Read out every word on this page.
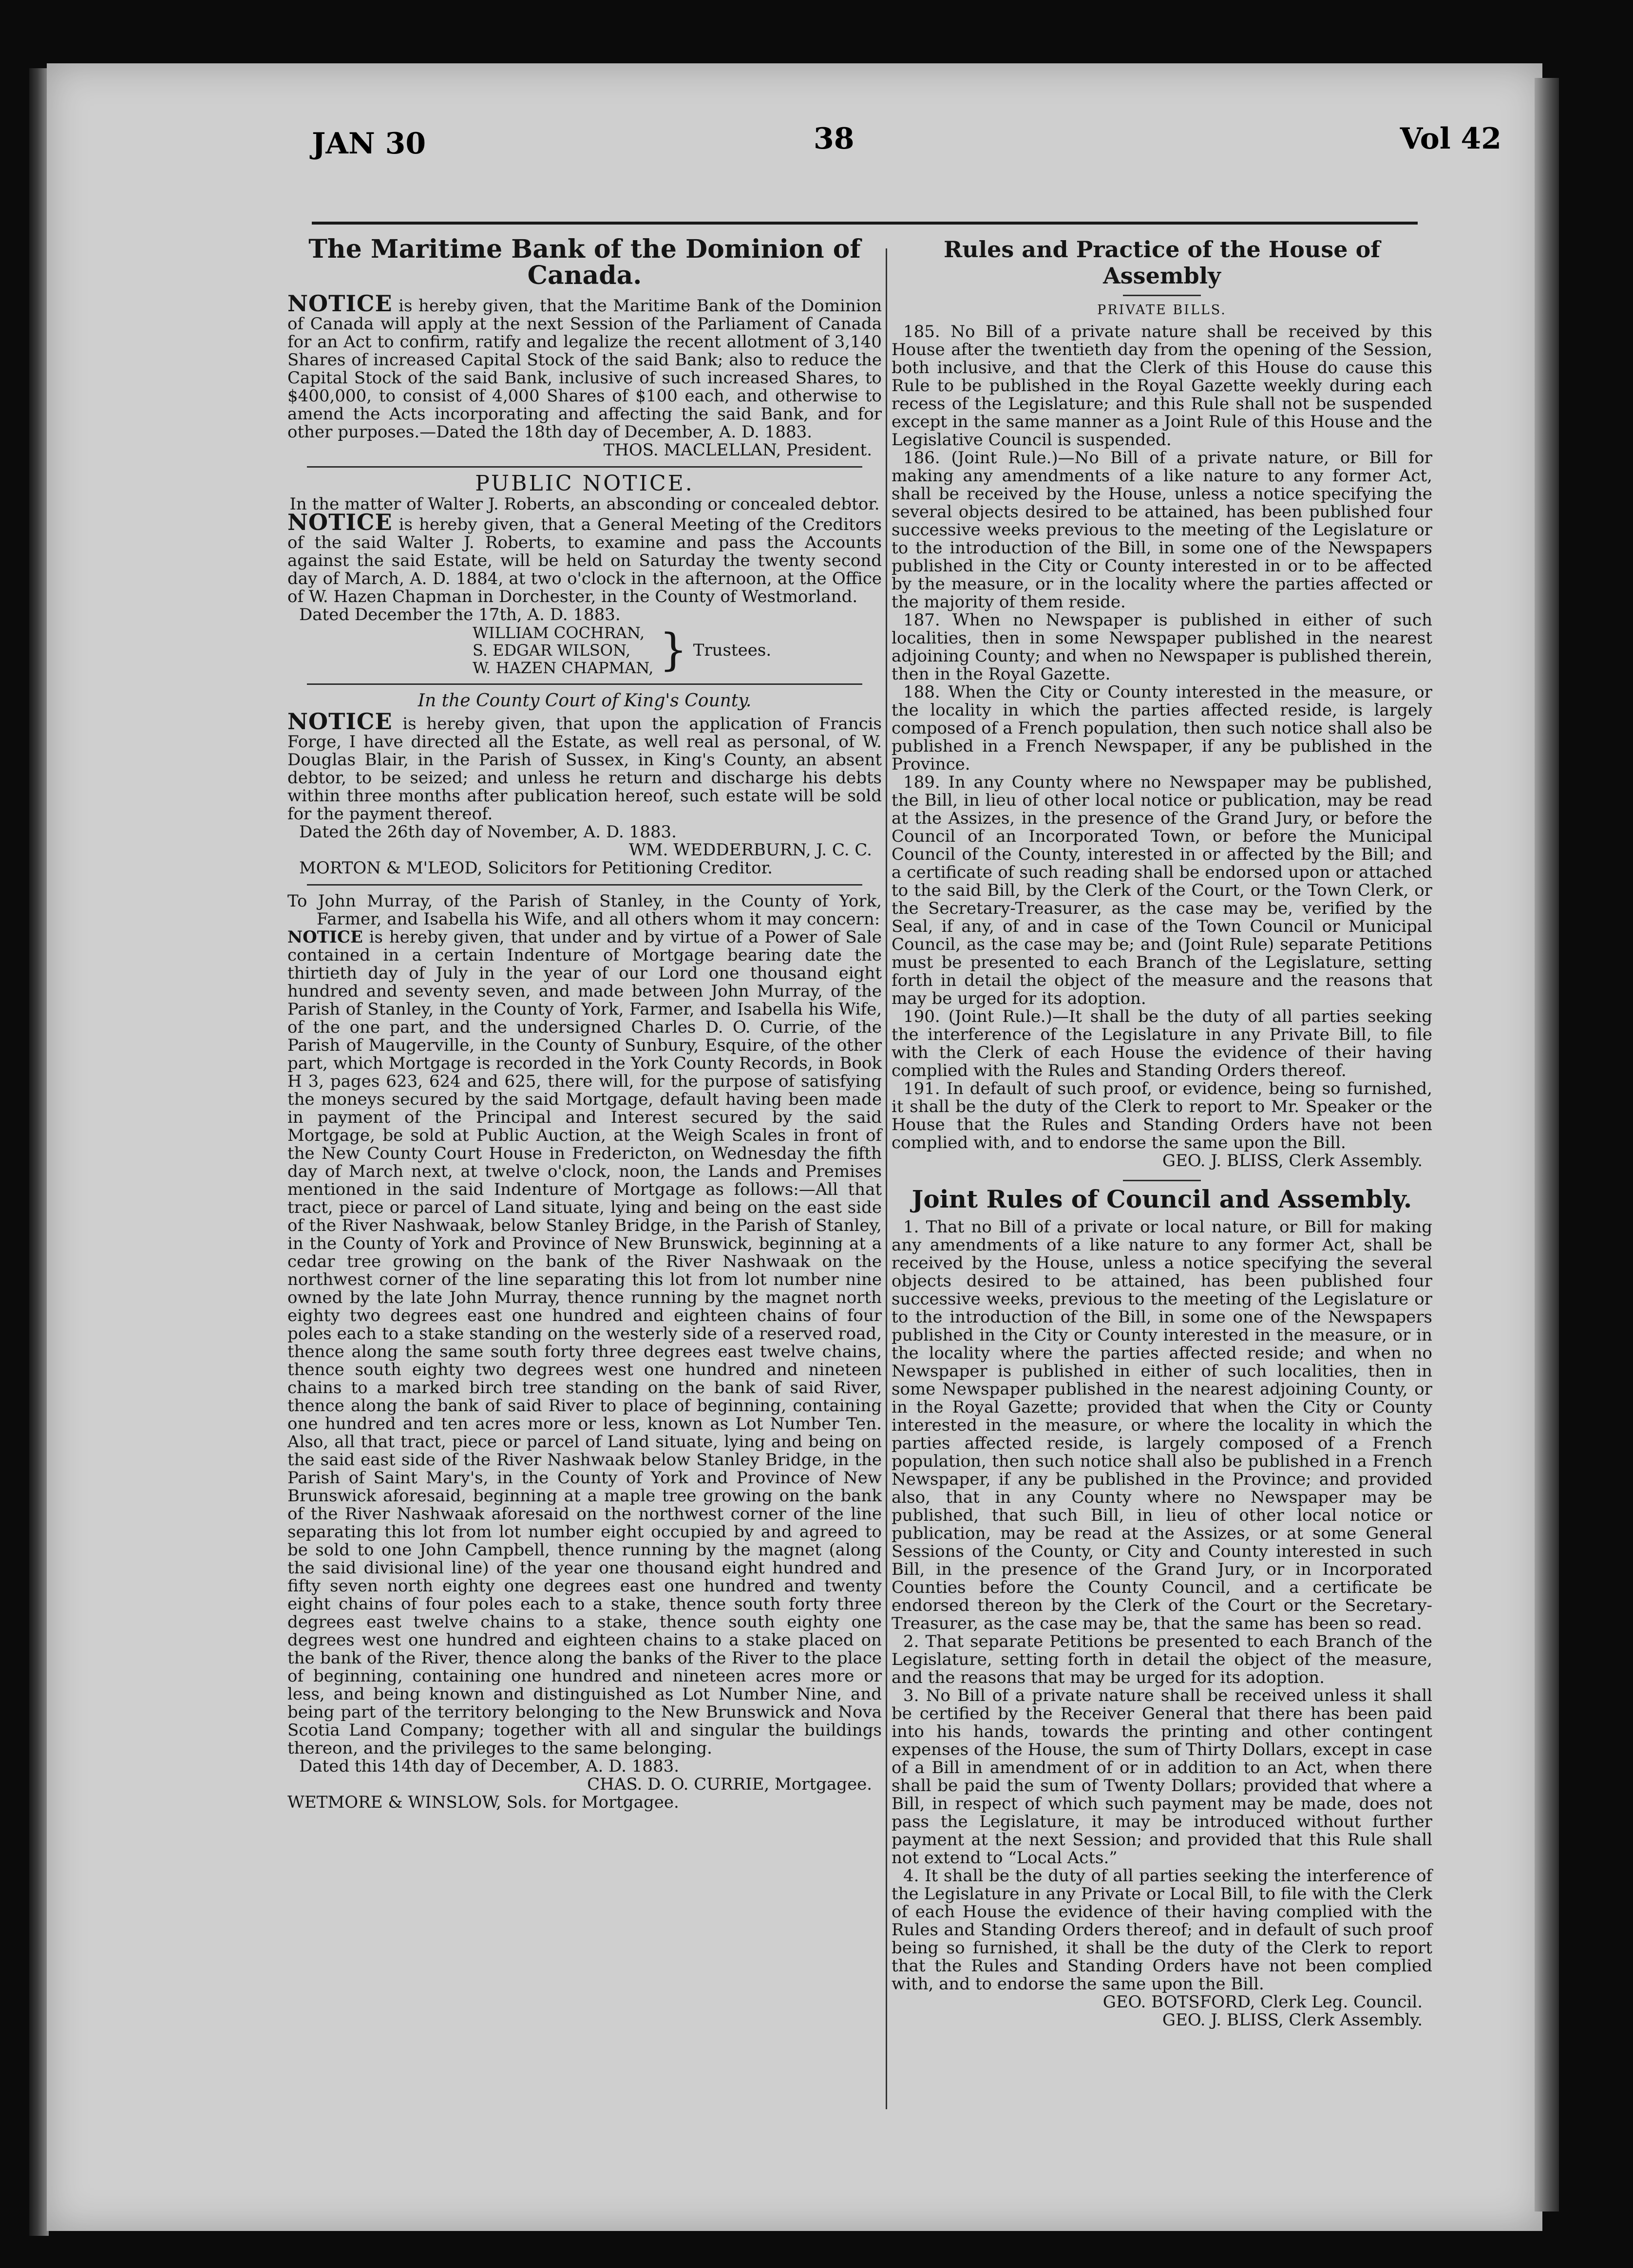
JAN 30	38	Vol 42
The Maritime Bank of the Dominion of Canada.

NOTICE is hereby given, that the Maritime Bank of the Dominion of Canada will apply at the next Session of the Parliament of Canada for an Act to confirm, ratify and legalize the recent allotment of 3,140 Shares of increased Capital Stock of the said Bank; also to reduce the Capital Stock of the said Bank, inclusive of such increased Shares, to $400,000, to consist of 4,000 Shares of $100 each, and otherwise to amend the Acts incorporating and affecting the said Bank, and for other purposes.—Dated the 18th day of December, A. D. 1883.

THOS. MACLELLAN, President.
PUBLIC NOTICE.
In the matter of Walter J. Roberts, an absconding or concealed debtor.

NOTICE is hereby given, that a General Meeting of the Creditors of the said Walter J. Roberts, to examine and pass the Accounts against the said Estate, will be held on Saturday the twenty second day of March, A. D. 1884, at two o'clock in the afternoon, at the Office of W. Hazen Chapman in Dorchester, in the County of Westmorland.

Dated December the 17th, A. D. 1883.

WILLIAM COCHRAN,
S. EDGAR WILSON,
W. HAZEN CHAPMAN, } Trustees.
In the County Court of King's County.

NOTICE is hereby given, that upon the application of Francis Forge, I have directed all the Estate, as well real as personal, of W. Douglas Blair, in the Parish of Sussex, in King's County, an absent debtor, to be seized; and unless he return and discharge his debts within three months after publication hereof, such estate will be sold for the payment thereof.

Dated the 26th day of November, A. D. 1883.

WM. WEDDERBURN, J. C. C.

MORTON & M'LEOD, Solicitors for Petitioning Creditor.

To John Murray, of the Parish of Stanley, in the County of York, Farmer, and Isabella his Wife, and all others whom it may concern:

NOTICE is hereby given, that under and by virtue of a Power of Sale contained in a certain Indenture of Mortgage bearing date the thirtieth day of July in the year of our Lord one thousand eight hundred and seventy seven, and made between John Murray, of the Parish of Stanley, in the County of York, Farmer, and Isabella his Wife, of the one part, and the undersigned Charles D. O. Currie, of the Parish of Maugerville, in the County of Sunbury, Esquire, of the other part, which Mortgage is recorded in the York County Records, in Book H 3, pages 623, 624 and 625, there will, for the purpose of satisfying the moneys secured by the said Mortgage, default having been made in payment of the Principal and Interest secured by the said Mortgage, be sold at Public Auction, at the Weigh Scales in front of the New County Court House in Fredericton, on Wednesday the fifth day of March next, at twelve o'clock, noon, the Lands and Premises mentioned in the said Indenture of Mortgage as follows:—All that tract, piece or parcel of Land situate, lying and being on the east side of the River Nashwaak, below Stanley Bridge, in the Parish of Stanley, in the County of York and Province of New Brunswick, beginning at a cedar tree growing on the bank of the River Nashwaak on the northwest corner of the line separating this lot from lot number nine owned by the late John Murray, thence running by the magnet north eighty two degrees east one hundred and eighteen chains of four poles each to a stake standing on the westerly side of a reserved road, thence along the same south forty three degrees east twelve chains, thence south eighty two degrees west one hundred and nineteen chains to a marked birch tree standing on the bank of said River, thence along the bank of said River to place of beginning, containing one hundred and ten acres more or less, known as Lot Number Ten. Also, all that tract, piece or parcel of Land situate, lying and being on the said east side of the River Nashwaak below Stanley Bridge, in the Parish of Saint Mary's, in the County of York and Province of New Brunswick aforesaid, beginning at a maple tree growing on the bank of the River Nashwaak aforesaid on the northwest corner of the line separating this lot from lot number eight occupied by and agreed to be sold to one John Campbell, thence running by the magnet (along the said divisional line) of the year one thousand eight hundred and fifty seven north eighty one degrees east one hundred and twenty eight chains of four poles each to a stake, thence south forty three degrees east twelve chains to a stake, thence south eighty one degrees west one hundred and eighteen chains to a stake placed on the bank of the River, thence along the banks of the River to the place of beginning, containing one hundred and nineteen acres more or less, and being known and distinguished as Lot Number Nine, and being part of the territory belonging to the New Brunswick and Nova Scotia Land Company; together with all and singular the buildings thereon, and the privileges to the same belonging.

Dated this 14th day of December, A. D. 1883.

CHAS. D. O. CURRIE, Mortgagee.

WETMORE & WINSLOW, Sols. for Mortgagee.

Rules and Practice of the House of Assembly
PRIVATE BILLS.

185. No Bill of a private nature shall be received by this House after the twentieth day from the opening of the Session, both inclusive, and that the Clerk of this House do cause this Rule to be published in the Royal Gazette weekly during each recess of the Legislature; and this Rule shall not be suspended except in the same manner as a Joint Rule of this House and the Legislative Council is suspended.

186. (Joint Rule.)—No Bill of a private nature, or Bill for making any amendments of a like nature to any former Act, shall be received by the House, unless a notice specifying the several objects desired to be attained, has been published four successive weeks previous to the meeting of the Legislature or to the introduction of the Bill, in some one of the Newspapers published in the City or County interested in or to be affected by the measure, or in the locality where the parties affected or the majority of them reside.

187. When no Newspaper is published in either of such localities, then in some Newspaper published in the nearest adjoining County; and when no Newspaper is published therein, then in the Royal Gazette.

188. When the City or County interested in the measure, or the locality in which the parties affected reside, is largely composed of a French population, then such notice shall also be published in a French Newspaper, if any be published in the Province.

189. In any County where no Newspaper may be published, the Bill, in lieu of other local notice or publication, may be read at the Assizes, in the presence of the Grand Jury, or before the Council of an Incorporated Town, or before the Municipal Council of the County, interested in or affected by the Bill; and a certificate of such reading shall be endorsed upon or attached to the said Bill, by the Clerk of the Court, or the Town Clerk, or the Secretary-Treasurer, as the case may be, verified by the Seal, if any, of and in case of the Town Council or Municipal Council, as the case may be; and (Joint Rule) separate Petitions must be presented to each Branch of the Legislature, setting forth in detail the object of the measure and the reasons that may be urged for its adoption.

190. (Joint Rule.)—It shall be the duty of all parties seeking the interference of the Legislature in any Private Bill, to file with the Clerk of each House the evidence of their having complied with the Rules and Standing Orders thereof.

191. In default of such proof, or evidence, being so furnished, it shall be the duty of the Clerk to report to Mr. Speaker or the House that the Rules and Standing Orders have not been complied with, and to endorse the same upon the Bill.

GEO. J. BLISS, Clerk Assembly.
Joint Rules of Council and Assembly.

1. That no Bill of a private or local nature, or Bill for making any amendments of a like nature to any former Act, shall be received by the House, unless a notice specifying the several objects desired to be attained, has been published four successive weeks, previous to the meeting of the Legislature or to the introduction of the Bill, in some one of the Newspapers published in the City or County interested in the measure, or in the locality where the parties affected reside; and when no Newspaper is published in either of such localities, then in some Newspaper published in the nearest adjoining County, or in the Royal Gazette; provided that when the City or County interested in the measure, or where the locality in which the parties affected reside, is largely composed of a French population, then such notice shall also be published in a French Newspaper, if any be published in the Province; and provided also, that in any County where no Newspaper may be published, that such Bill, in lieu of other local notice or publication, may be read at the Assizes, or at some General Sessions of the County, or City and County interested in such Bill, in the presence of the Grand Jury, or in Incorporated Counties before the County Council, and a certificate be endorsed thereon by the Clerk of the Court or the Secretary-Treasurer, as the case may be, that the same has been so read.

2. That separate Petitions be presented to each Branch of the Legislature, setting forth in detail the object of the measure, and the reasons that may be urged for its adoption.

3. No Bill of a private nature shall be received unless it shall be certified by the Receiver General that there has been paid into his hands, towards the printing and other contingent expenses of the House, the sum of Thirty Dollars, except in case of a Bill in amendment of or in addition to an Act, when there shall be paid the sum of Twenty Dollars; provided that where a Bill, in respect of which such payment may be made, does not pass the Legislature, it may be introduced without further payment at the next Session; and provided that this Rule shall not extend to “Local Acts.”

4. It shall be the duty of all parties seeking the interference of the Legislature in any Private or Local Bill, to file with the Clerk of each House the evidence of their having complied with the Rules and Standing Orders thereof; and in default of such proof being so furnished, it shall be the duty of the Clerk to report that the Rules and Standing Orders have not been complied with, and to endorse the same upon the Bill.

GEO. BOTSFORD, Clerk Leg. Council.
GEO. J. BLISS, Clerk Assembly.
